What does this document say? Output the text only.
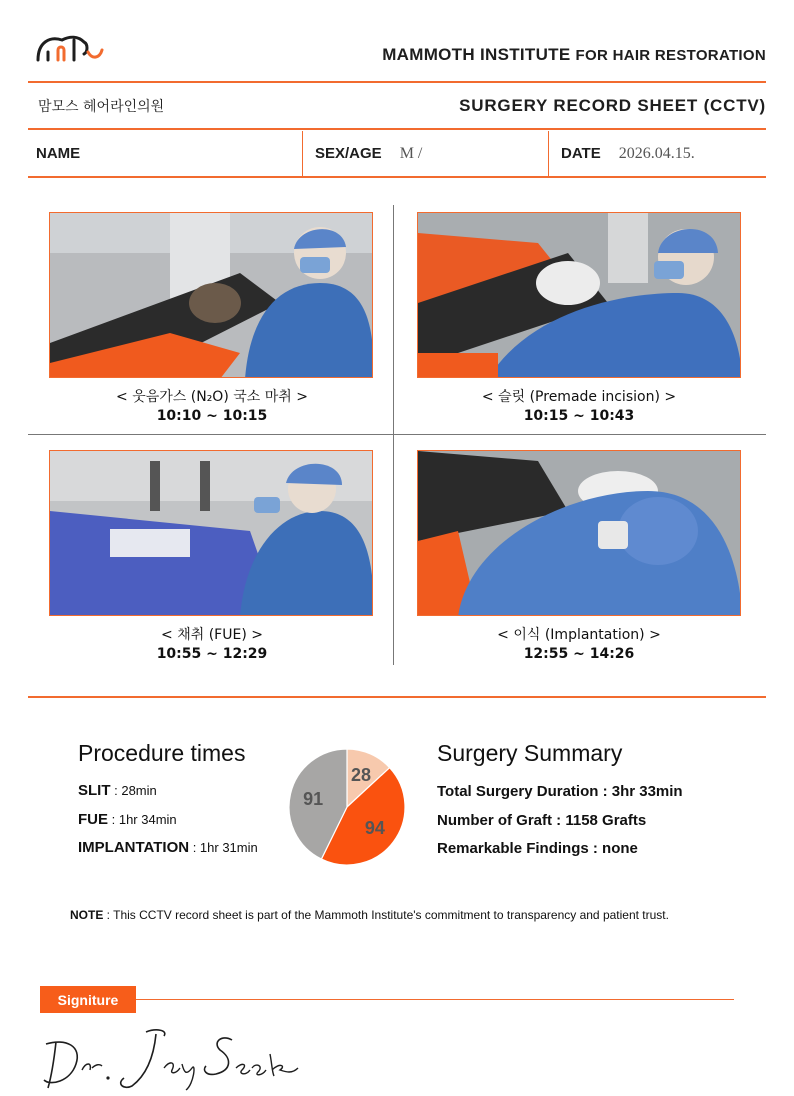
MAMMOTH INSTITUTE FOR HAIR RESTORATION
맘모스 헤어라인의원	SURGERY RECORD SHEET (CCTV)
NAME	SEX/AGE M /	DATE 2026.04.15.
< 웃음가스 (N₂O) 국소 마취 >
10:10 ~ 10:15
< 슬릿 (Premade incision) >
10:15 ~ 10:43
< 채취 (FUE) >
10:55 ~ 12:29
< 이식 (Implantation) >
12:55 ~ 14:26
Procedure times
SLIT : 28min
FUE : 1hr 34min
IMPLANTATION : 1hr 31min
28
94
91
Surgery Summary
Total Surgery Duration : 3hr 33min
Number of Graft : 1158 Grafts
Remarkable Findings : none
NOTE : This CCTV record sheet is part of the Mammoth Institute's commitment to transparency and patient trust.
Signiture
